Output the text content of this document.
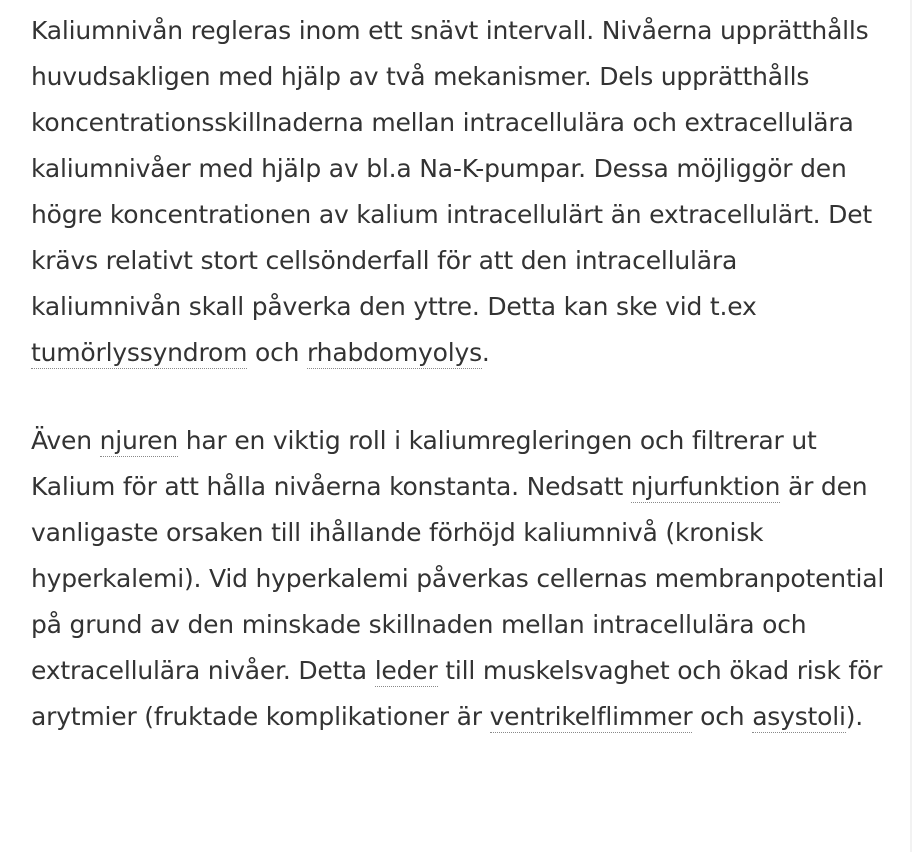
Kaliumnivån regleras inom ett snävt intervall. Nivåerna upprätthålls huvudsakligen med hjälp av två mekanismer. Dels upprätthålls koncentrationsskillnaderna mellan intracellulära och extracellulära kaliumnivåer med hjälp av bl.a Na-K-pumpar. Dessa möjliggör den högre koncentrationen av kalium intracellulärt än extracellulärt. Det krävs relativt stort cellsönderfall för att den intracellulära kaliumnivån skall påverka den yttre. Detta kan ske vid t.ex tumörlyssyndrom och rhabdomyolys.

Även njuren har en viktig roll i kaliumregleringen och filtrerar ut Kalium för att hålla nivåerna konstanta. Nedsatt njurfunktion är den vanligaste orsaken till ihållande förhöjd kaliumnivå (kronisk hyperkalemi). Vid hyperkalemi påverkas cellernas membranpotential på grund av den minskade skillnaden mellan intracellulära och extracellulära nivåer. Detta leder till muskelsvaghet och ökad risk för arytmier (fruktade komplikationer är ventrikelflimmer och asystoli).
